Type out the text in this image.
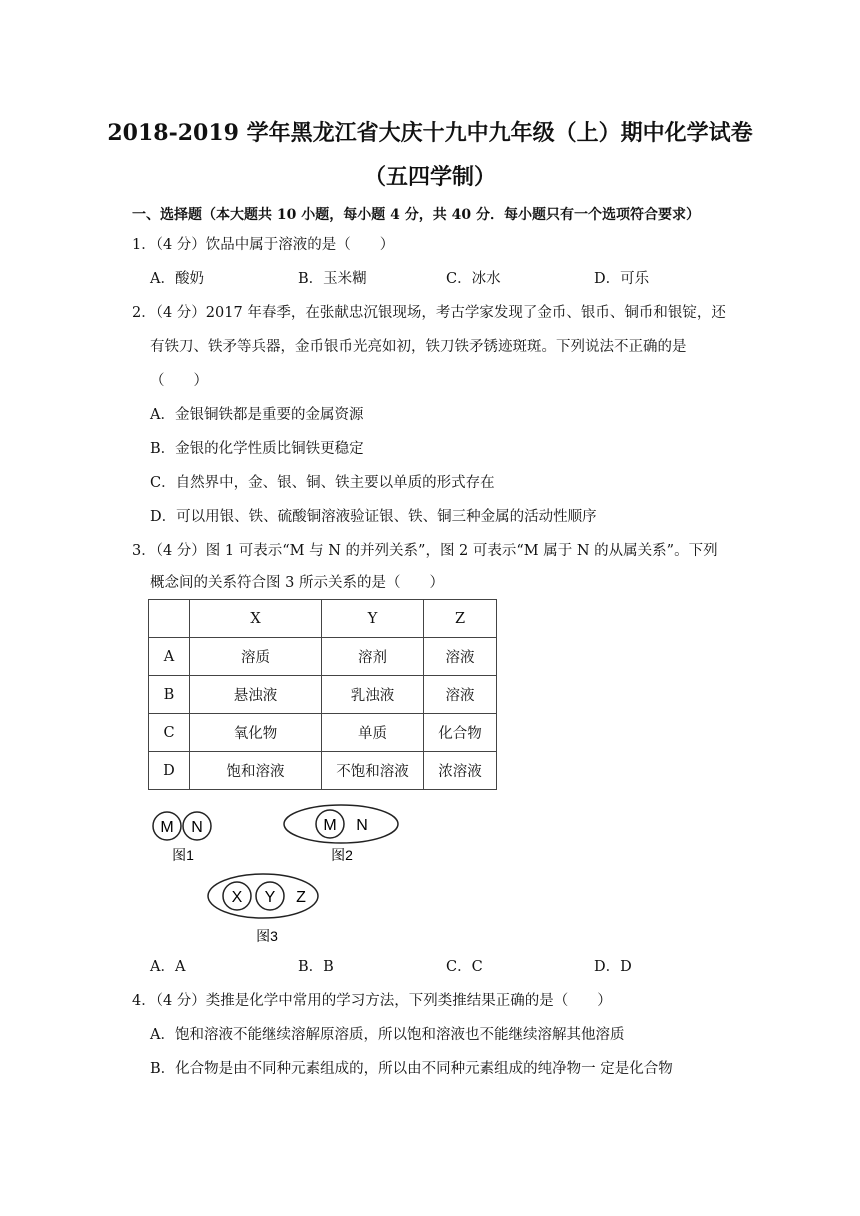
2018-2019 学年黑龙江省大庆十九中九年级（上）期中化学试卷
（五四学制）
一、选择题（本大题共 10 小题，每小题 4 分，共 40 分．每小题只有一个选项符合要求）
1．（4 分）饮品中属于溶液的是（　　）
A．酸奶	B．玉米糊	C．冰水	D．可乐
2．（4 分）2017 年春季，在张献忠沉银现场，考古学家发现了金币、银币、铜币和银锭，还
有铁刀、铁矛等兵器，金币银币光亮如初，铁刀铁矛锈迹斑斑。下列说法不正确的是
（　　）
A．金银铜铁都是重要的金属资源
B．金银的化学性质比铜铁更稳定
C．自然界中，金、银、铜、铁主要以单质的形式存在
D．可以用银、铁、硫酸铜溶液验证银、铁、铜三种金属的活动性顺序
3．（4 分）图 1 可表示“M 与 N 的并列关系”，图 2 可表示“M 属于 N 的从属关系”。下列
概念间的关系符合图 3 所示关系的是（　　）
	X	Y	Z
A	溶质	溶剂	溶液
B	悬浊液	乳浊液	溶液
C	氧化物	单质	化合物
D	饱和溶液	不饱和溶液	浓溶液
M N
图1
M N
图2
X Y Z
图3
A．A	B．B	C．C	D．D
4．（4 分）类推是化学中常用的学习方法，下列类推结果正确的是（　　）
A．饱和溶液不能继续溶解原溶质，所以饱和溶液也不能继续溶解其他溶质
B．化合物是由不同种元素组成的，所以由不同种元素组成的纯净物一 定是化合物
